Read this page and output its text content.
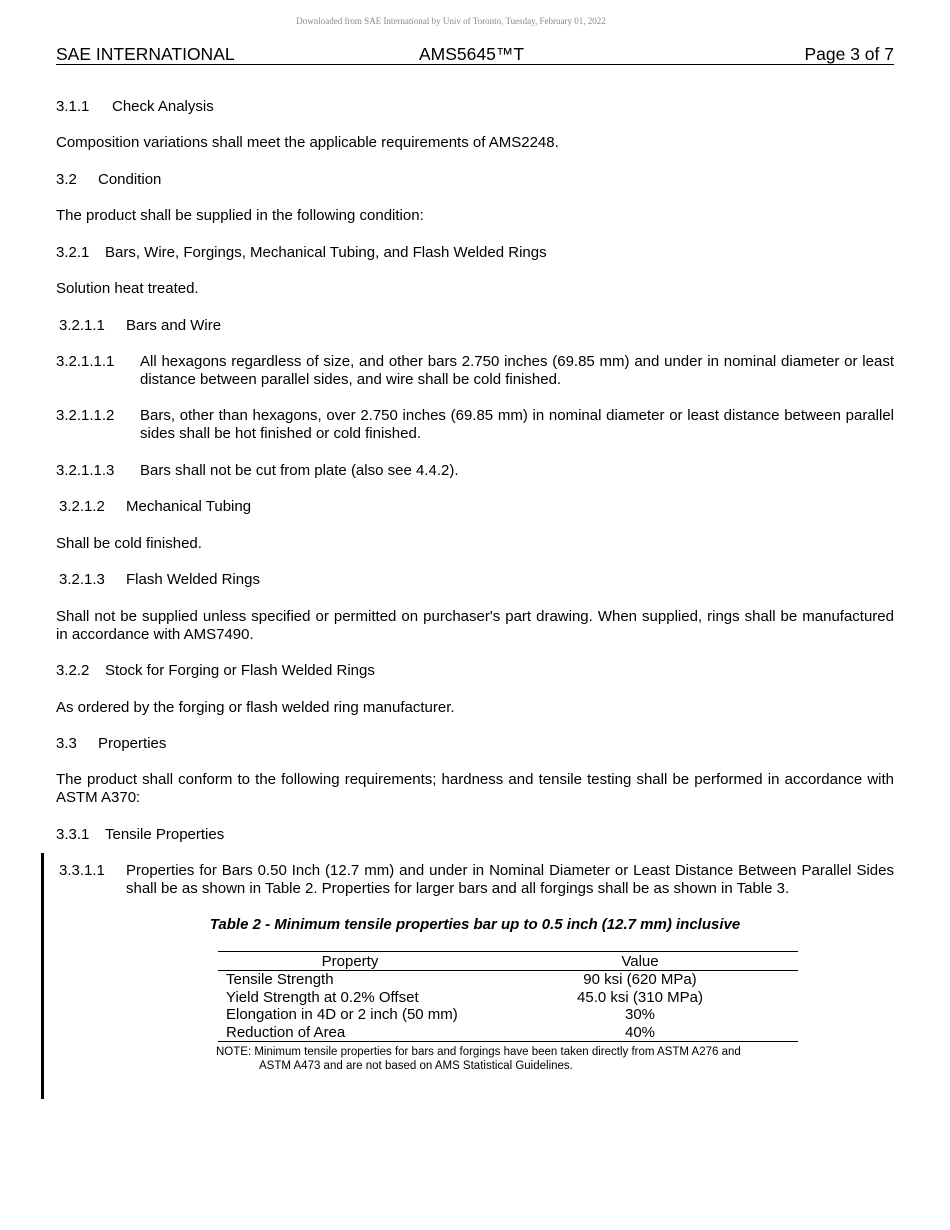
Downloaded from SAE International by Univ of Toronto, Tuesday, February 01, 2022
SAE INTERNATIONAL	AMS5645™T	Page 3 of 7
3.1.1 Check Analysis
Composition variations shall meet the applicable requirements of AMS2248.
3.2 Condition
The product shall be supplied in the following condition:
3.2.1 Bars, Wire, Forgings, Mechanical Tubing, and Flash Welded Rings
Solution heat treated.
3.2.1.1 Bars and Wire
3.2.1.1.1 All hexagons regardless of size, and other bars 2.750 inches (69.85 mm) and under in nominal diameter or least distance between parallel sides, and wire shall be cold finished.
3.2.1.1.2 Bars, other than hexagons, over 2.750 inches (69.85 mm) in nominal diameter or least distance between parallel sides shall be hot finished or cold finished.
3.2.1.1.3 Bars shall not be cut from plate (also see 4.4.2).
3.2.1.2 Mechanical Tubing
Shall be cold finished.
3.2.1.3 Flash Welded Rings
Shall not be supplied unless specified or permitted on purchaser's part drawing. When supplied, rings shall be manufactured in accordance with AMS7490.
3.2.2 Stock for Forging or Flash Welded Rings
As ordered by the forging or flash welded ring manufacturer.
3.3 Properties
The product shall conform to the following requirements; hardness and tensile testing shall be performed in accordance with ASTM A370:
3.3.1 Tensile Properties
3.3.1.1 Properties for Bars 0.50 Inch (12.7 mm) and under in Nominal Diameter or Least Distance Between Parallel Sides shall be as shown in Table 2. Properties for larger bars and all forgings shall be as shown in Table 3.
Table 2 - Minimum tensile properties bar up to 0.5 inch (12.7 mm) inclusive
Property	Value
Tensile Strength	90 ksi (620 MPa)
Yield Strength at 0.2% Offset	45.0 ksi (310 MPa)
Elongation in 4D or 2 inch (50 mm)	30%
Reduction of Area	40%
NOTE: Minimum tensile properties for bars and forgings have been taken directly from ASTM A276 and
ASTM A473 and are not based on AMS Statistical Guidelines.
